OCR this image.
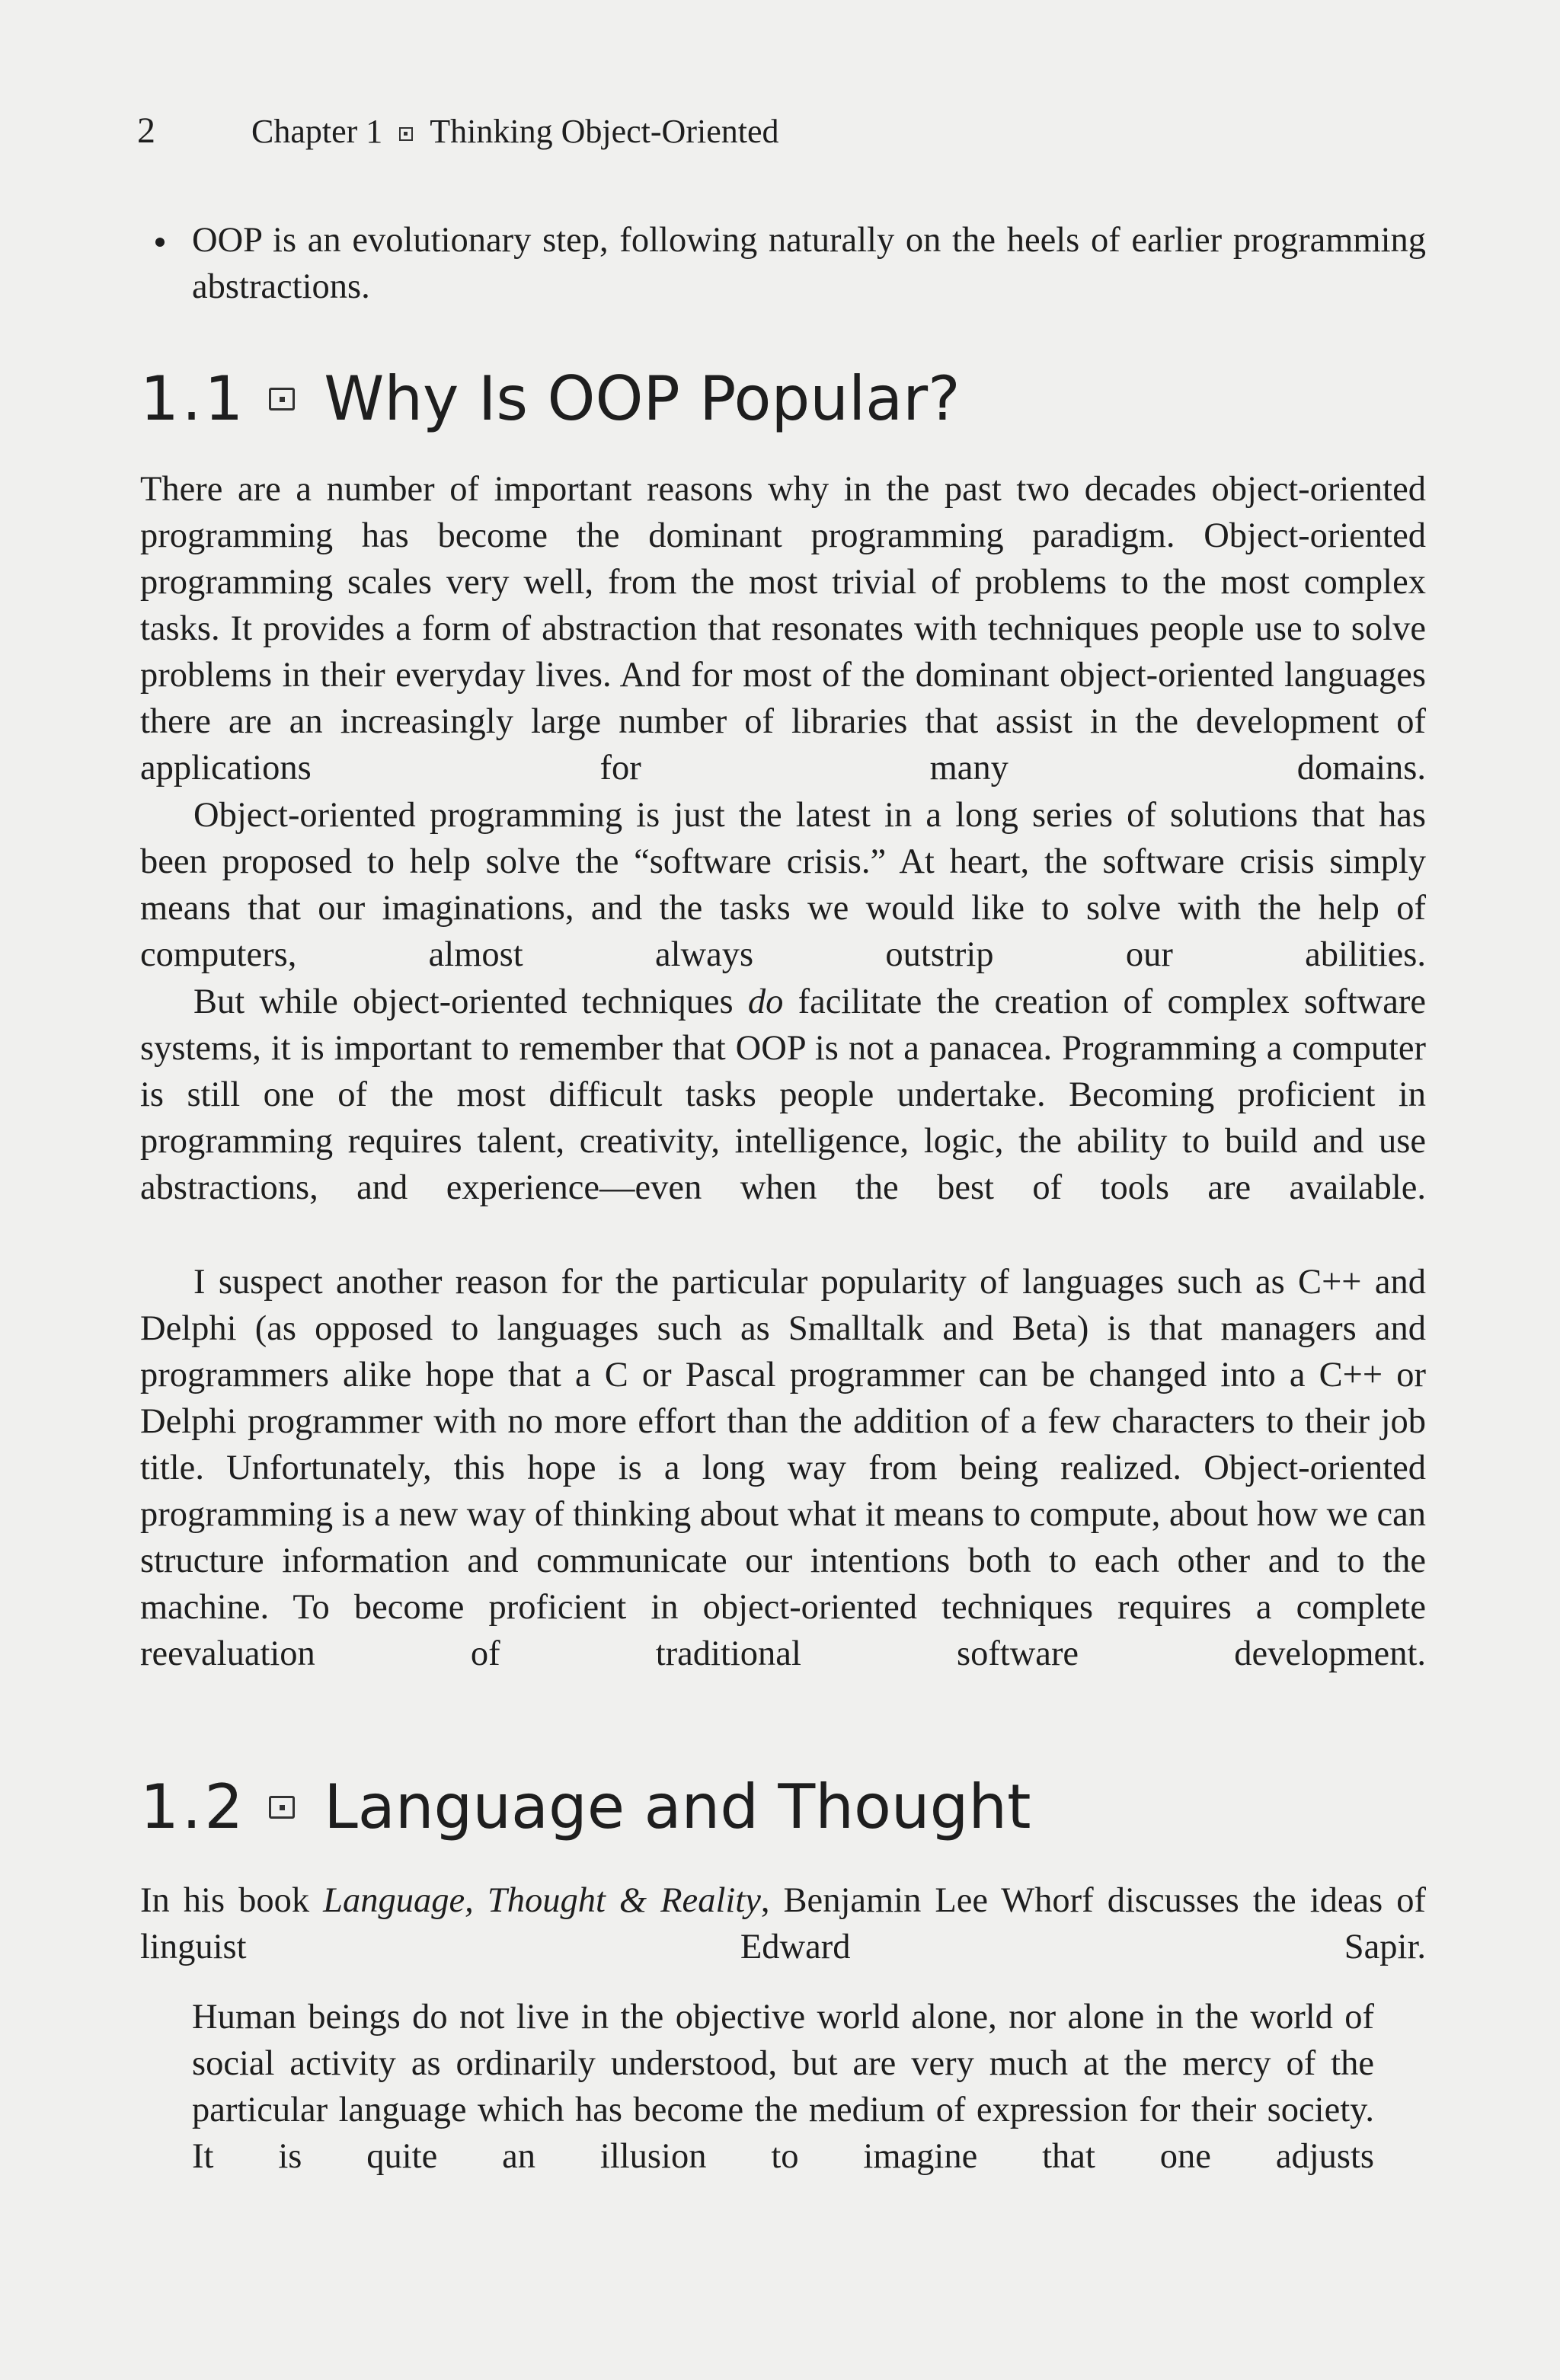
2	Chapter 1 Thinking Object-Oriented
OOP is an evolutionary step, following naturally on the heels of earlier programming abstractions.
1.1 Why Is OOP Popular?

There are a number of important reasons why in the past two decades object-oriented programming has become the dominant programming paradigm. Object-oriented programming scales very well, from the most trivial of problems to the most complex tasks. It provides a form of abstraction that resonates with techniques people use to solve problems in their everyday lives. And for most of the dominant object-oriented languages there are an increasingly large number of libraries that assist in the development of applications for many domains.

Object-oriented programming is just the latest in a long series of solutions that has been proposed to help solve the “software crisis.” At heart, the software crisis simply means that our imaginations, and the tasks we would like to solve with the help of computers, almost always outstrip our abilities.

But while object-oriented techniques do facilitate the creation of complex software systems, it is important to remember that OOP is not a panacea. Programming a computer is still one of the most difficult tasks people undertake. Becoming proficient in programming requires talent, creativity, intelligence, logic, the ability to build and use abstractions, and experience—even when the best of tools are available.

I suspect another reason for the particular popularity of languages such as C++ and Delphi (as opposed to languages such as Smalltalk and Beta) is that managers and programmers alike hope that a C or Pascal programmer can be changed into a C++ or Delphi programmer with no more effort than the addition of a few characters to their job title. Unfortunately, this hope is a long way from being realized. Object-oriented programming is a new way of thinking about what it means to compute, about how we can structure information and communicate our intentions both to each other and to the machine. To become proficient in object-oriented techniques requires a complete reevaluation of traditional software development.

1.2 Language and Thought

In his book Language, Thought & Reality, Benjamin Lee Whorf discusses the ideas of linguist Edward Sapir.

Human beings do not live in the objective world alone, nor alone in the world of social activity as ordinarily understood, but are very much at the mercy of the particular language which has become the medium of expression for their society. It is quite an illusion to imagine that one adjusts
